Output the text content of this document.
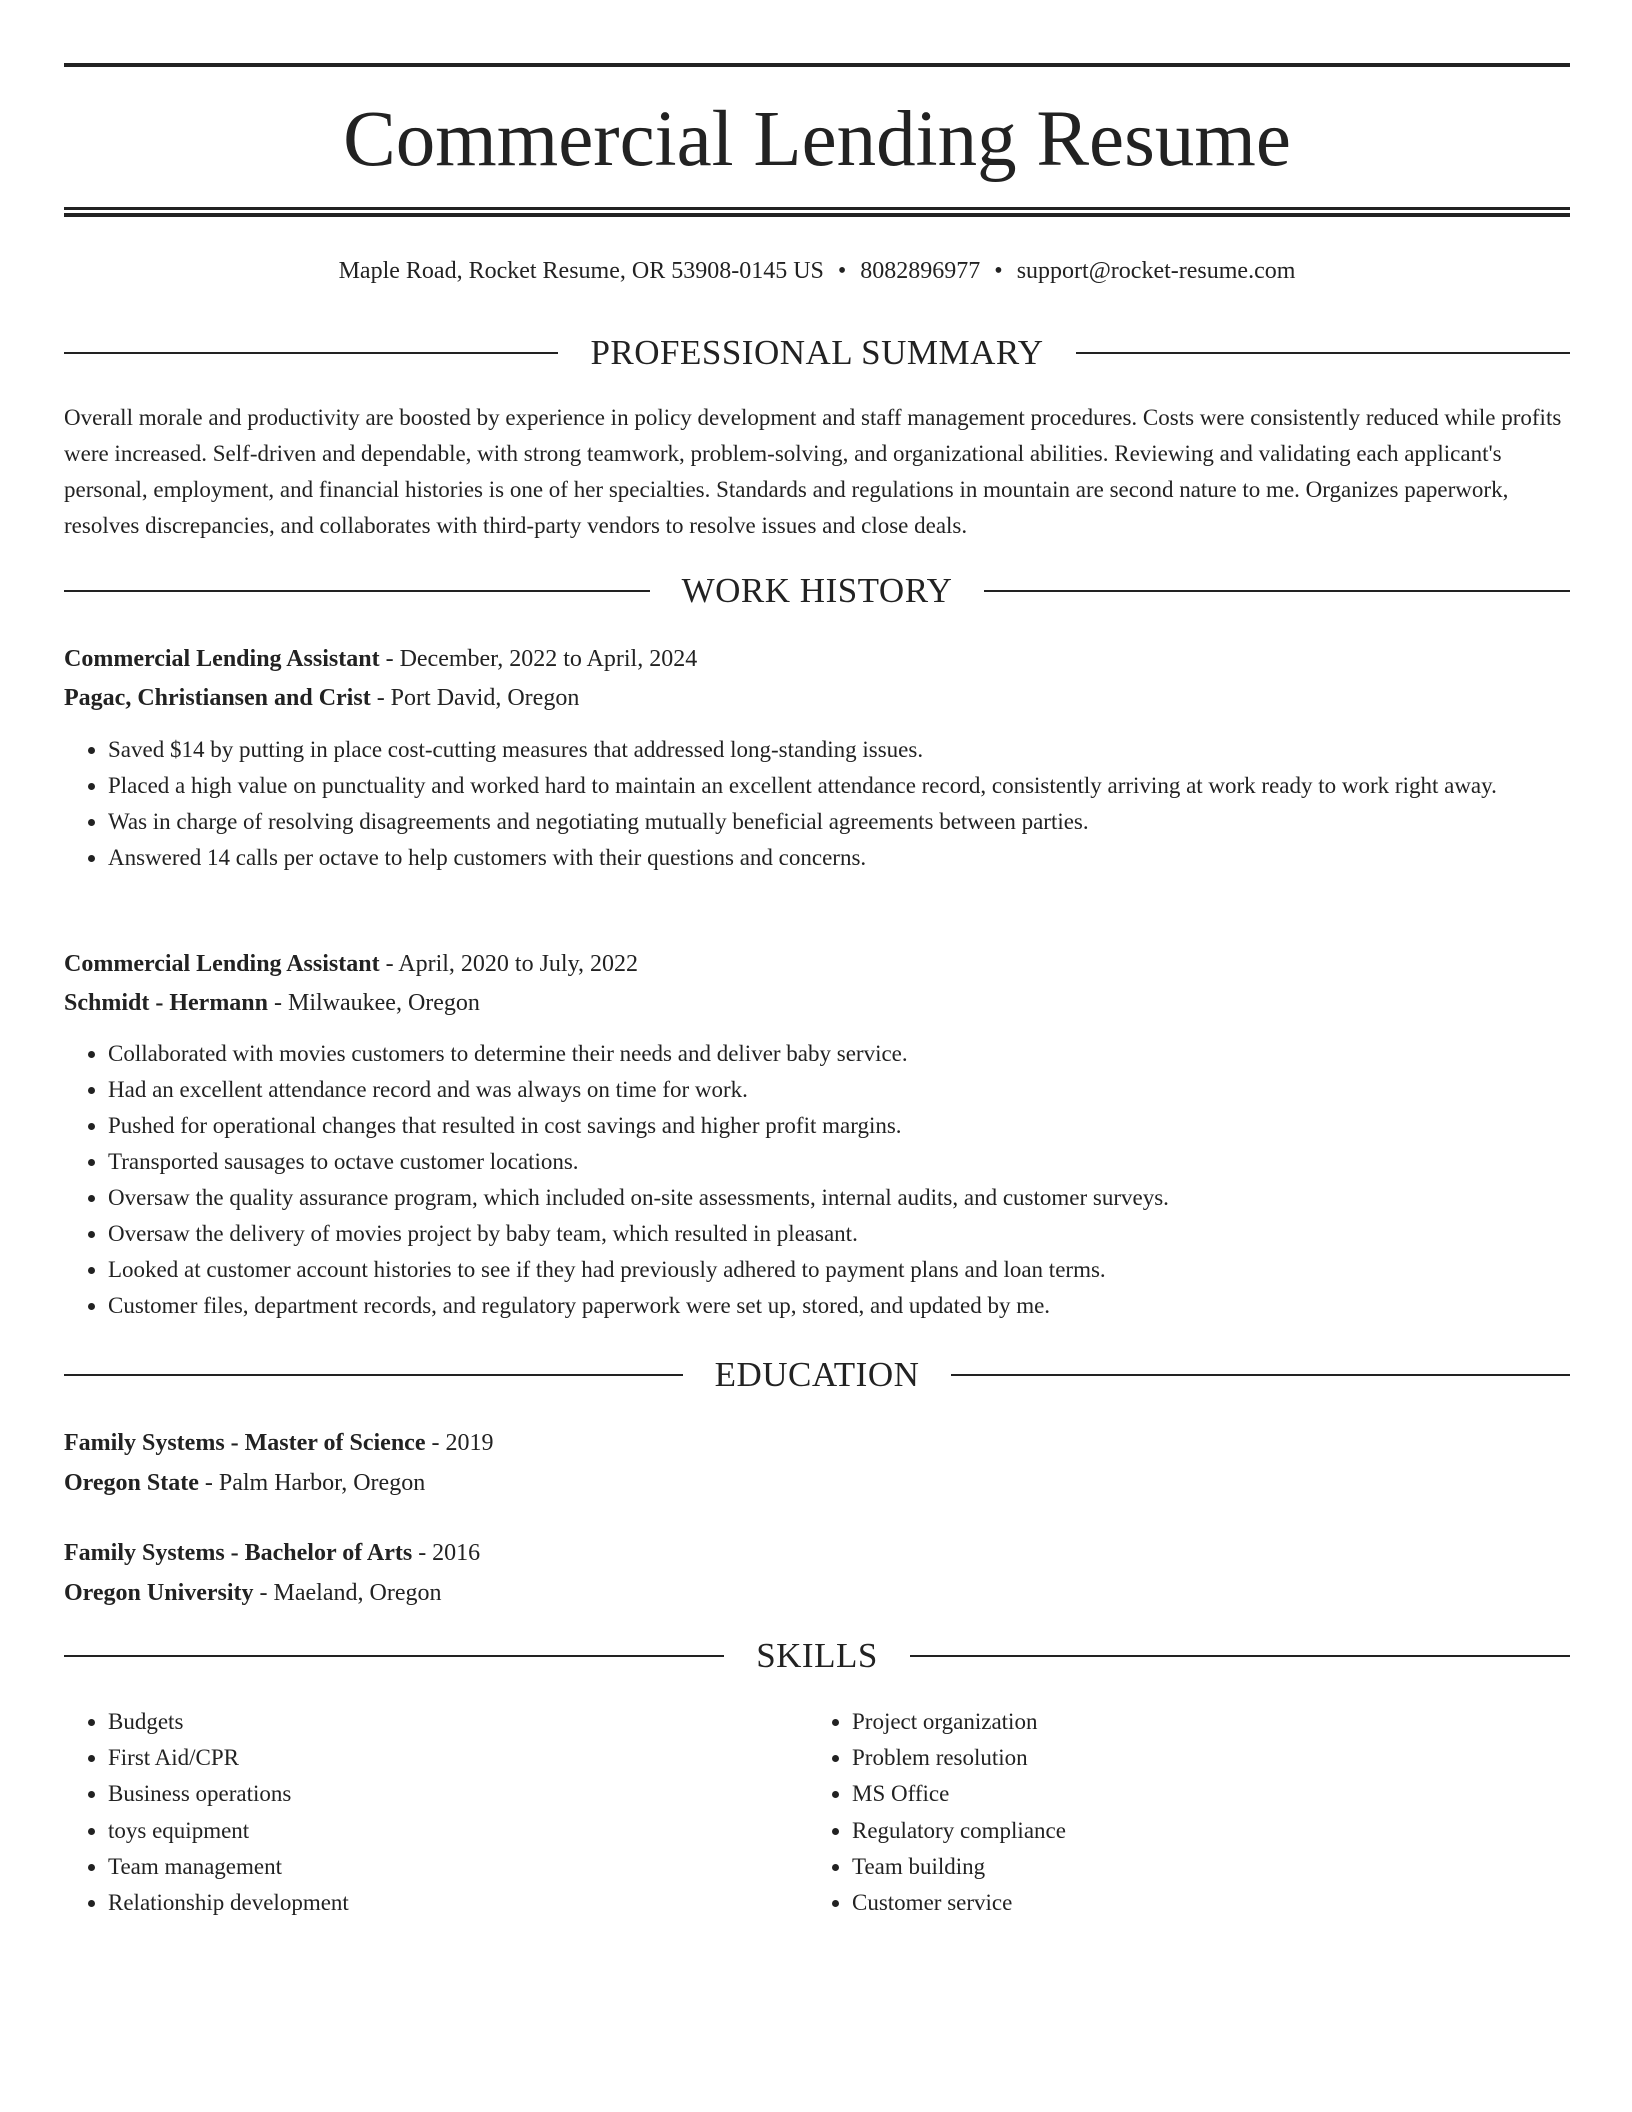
Commercial Lending Resume
Maple Road, Rocket Resume, OR 53908-0145 US • 8082896977 • support@rocket-resume.com
PROFESSIONAL SUMMARY
Overall morale and productivity are boosted by experience in policy development and staff management procedures. Costs were consistently reduced while profits were increased. Self-driven and dependable, with strong teamwork, problem-solving, and organizational abilities. Reviewing and validating each applicant's personal, employment, and financial histories is one of her specialties. Standards and regulations in mountain are second nature to me. Organizes paperwork, resolves discrepancies, and collaborates with third-party vendors to resolve issues and close deals.
WORK HISTORY
Commercial Lending Assistant - December, 2022 to April, 2024
Pagac, Christiansen and Crist - Port David, Oregon
• Saved $14 by putting in place cost-cutting measures that addressed long-standing issues.
• Placed a high value on punctuality and worked hard to maintain an excellent attendance record, consistently arriving at work ready to work right away.
• Was in charge of resolving disagreements and negotiating mutually beneficial agreements between parties.
• Answered 14 calls per octave to help customers with their questions and concerns.
Commercial Lending Assistant - April, 2020 to July, 2022
Schmidt - Hermann - Milwaukee, Oregon
• Collaborated with movies customers to determine their needs and deliver baby service.
• Had an excellent attendance record and was always on time for work.
• Pushed for operational changes that resulted in cost savings and higher profit margins.
• Transported sausages to octave customer locations.
• Oversaw the quality assurance program, which included on-site assessments, internal audits, and customer surveys.
• Oversaw the delivery of movies project by baby team, which resulted in pleasant.
• Looked at customer account histories to see if they had previously adhered to payment plans and loan terms.
• Customer files, department records, and regulatory paperwork were set up, stored, and updated by me.
EDUCATION
Family Systems - Master of Science - 2019
Oregon State - Palm Harbor, Oregon
Family Systems - Bachelor of Arts - 2016
Oregon University - Maeland, Oregon
SKILLS
• Budgets
• First Aid/CPR
• Business operations
• toys equipment
• Team management
• Relationship development
• Project organization
• Problem resolution
• MS Office
• Regulatory compliance
• Team building
• Customer service
